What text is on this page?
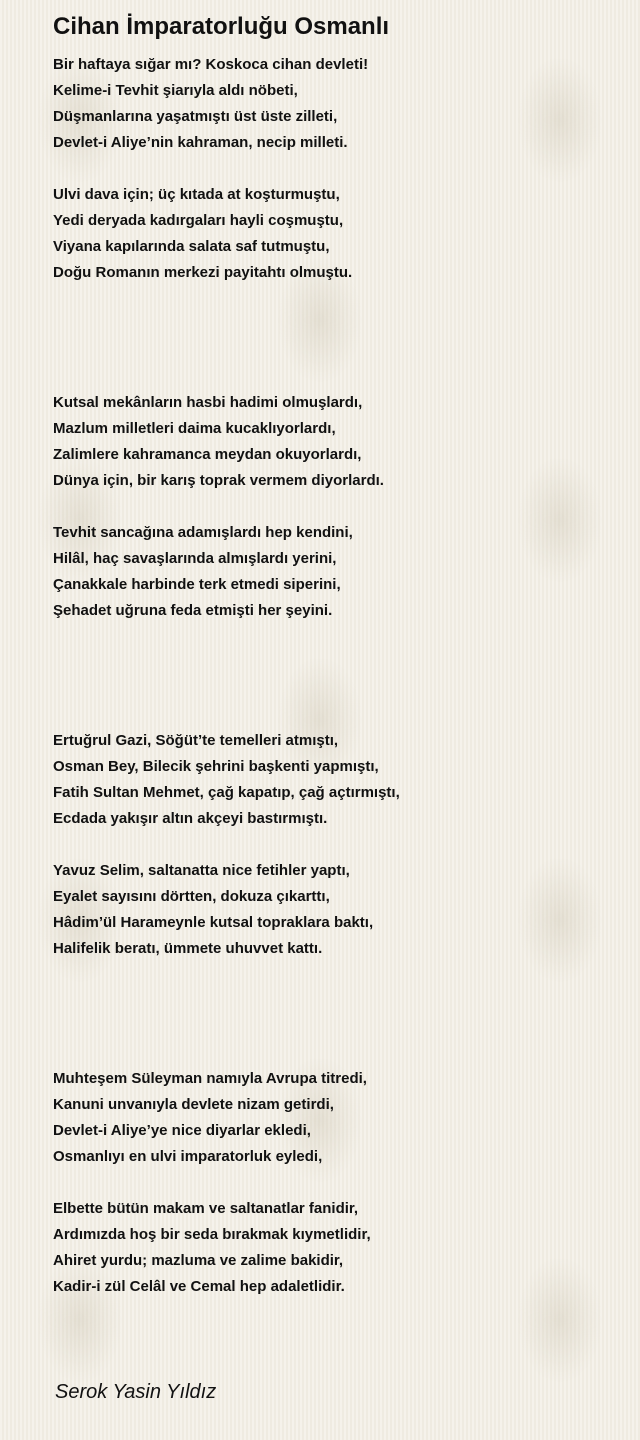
Cihan İmparatorluğu Osmanlı
Bir haftaya sığar mı? Koskoca cihan devleti!
Kelime-i Tevhit şiarıyla aldı nöbeti,
Düşmanlarına yaşatmıştı üst üste zilleti,
Devlet-i Aliye’nin kahraman, necip milleti.
Ulvi dava için; üç kıtada at koşturmuştu,
Yedi deryada kadırgaları hayli coşmuştu,
Viyana kapılarında salata saf tutmuştu,
Doğu Romanın merkezi payitahtı olmuştu.
Kutsal mekânların hasbi hadimi olmuşlardı,
Mazlum milletleri daima kucaklıyorlardı,
Zalimlere kahramanca meydan okuyorlardı,
Dünya için, bir karış toprak vermem diyorlardı.
Tevhit sancağına adamışlardı hep kendini,
Hilâl, haç savaşlarında almışlardı yerini,
Çanakkale harbinde terk etmedi siperini,
Şehadet uğruna feda etmişti her şeyini.
Ertuğrul Gazi, Söğüt’te temelleri atmıştı,
Osman Bey, Bilecik şehrini başkenti yapmıştı,
Fatih Sultan Mehmet, çağ kapatıp, çağ açtırmıştı,
Ecdada yakışır altın akçeyi bastırmıştı.
Yavuz Selim, saltanatta nice fetihler yaptı,
Eyalet sayısını dörtten, dokuza çıkarttı,
Hâdim’ül Harameynle kutsal topraklara baktı,
Halifelik beratı, ümmete uhuvvet kattı.
Muhteşem Süleyman namıyla Avrupa titredi,
Kanuni unvanıyla devlete nizam getirdi,
Devlet-i Aliye’ye nice diyarlar ekledi,
Osmanlıyı en ulvi imparatorluk eyledi,
Elbette bütün makam ve saltanatlar fanidir,
Ardımızda hoş bir seda bırakmak kıymetlidir,
Ahiret yurdu; mazluma ve zalime bakidir,
Kadir-i zül Celâl ve Cemal hep adaletlidir.
Serok Yasin Yıldız
